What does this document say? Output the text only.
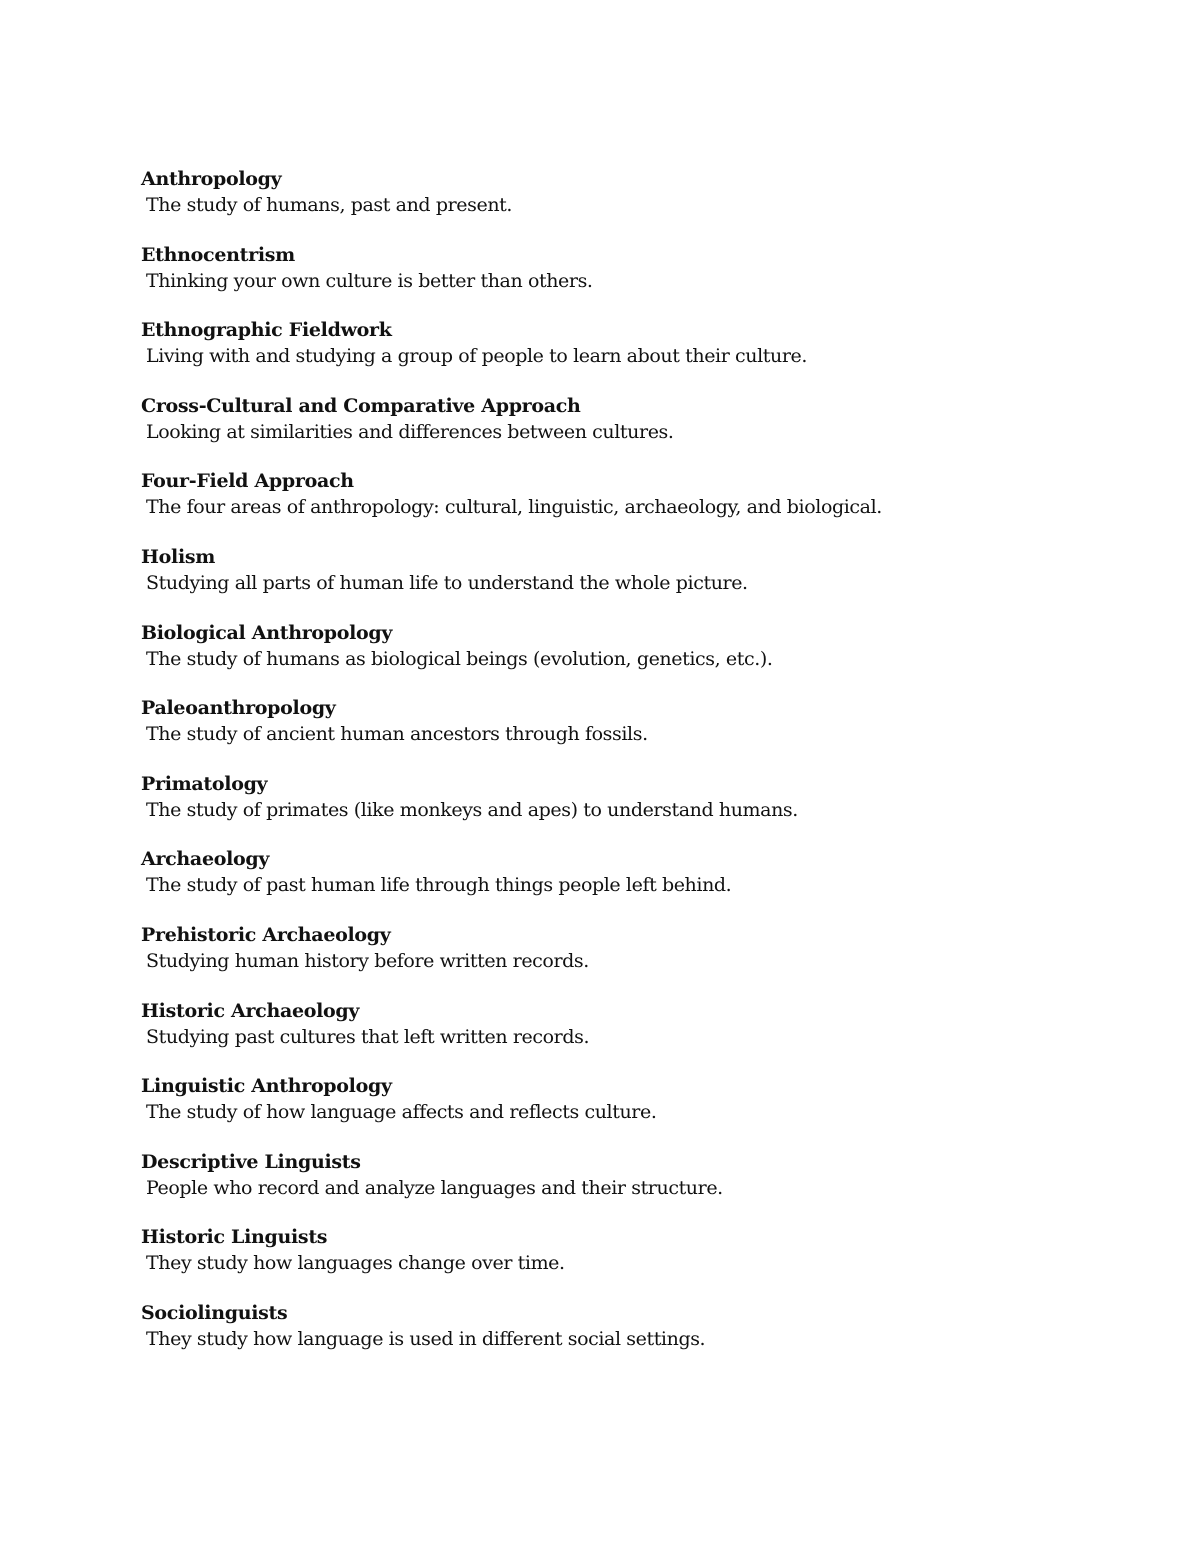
Anthropology

The study of humans, past and present.

Ethnocentrism

Thinking your own culture is better than others.

Ethnographic Fieldwork

Living with and studying a group of people to learn about their culture.

Cross-Cultural and Comparative Approach

Looking at similarities and differences between cultures.

Four-Field Approach

The four areas of anthropology: cultural, linguistic, archaeology, and biological.

Holism

Studying all parts of human life to understand the whole picture.

Biological Anthropology

The study of humans as biological beings (evolution, genetics, etc.).

Paleoanthropology

The study of ancient human ancestors through fossils.

Primatology

The study of primates (like monkeys and apes) to understand humans.

Archaeology

The study of past human life through things people left behind.

Prehistoric Archaeology

Studying human history before written records.

Historic Archaeology

Studying past cultures that left written records.

Linguistic Anthropology

The study of how language affects and reflects culture.

Descriptive Linguists

People who record and analyze languages and their structure.

Historic Linguists

They study how languages change over time.

Sociolinguists

They study how language is used in different social settings.
